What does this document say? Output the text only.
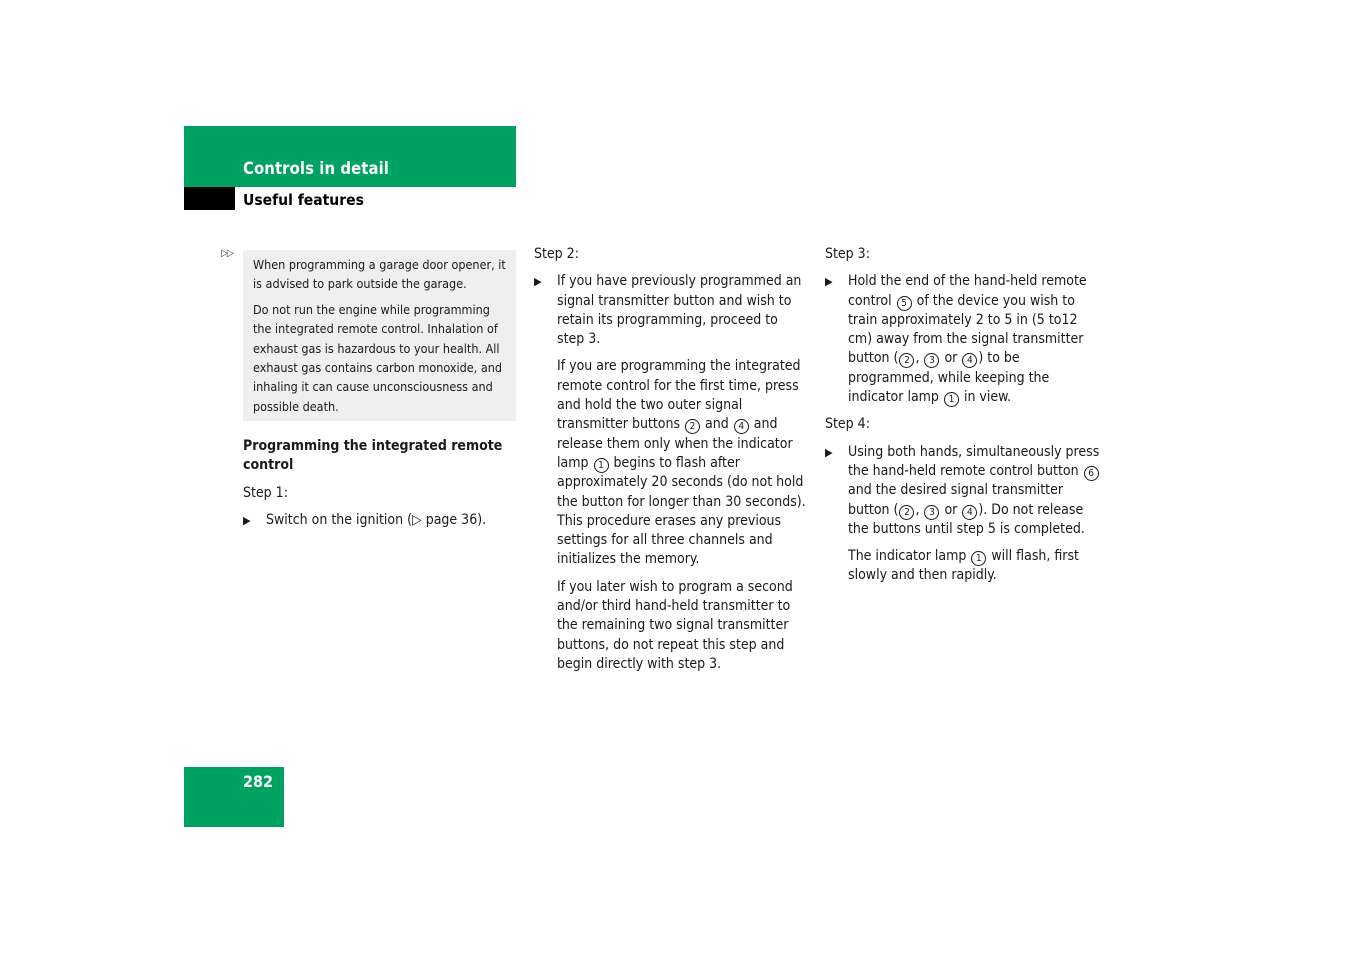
Controls in detail
Useful features
▷▷

When programming a garage door opener, it is advised to park outside the garage.

Do not run the engine while programming the integrated remote control. Inhalation of exhaust gas is hazardous to your health. All exhaust gas contains carbon monoxide, and inhaling it can cause unconsciousness and possible death.

Programming the integrated remote control

Step 1:

▶ Switch on the ignition (▷ page 36).

Step 2:

▶ If you have previously programmed an signal transmitter button and wish to retain its programming, proceed to step 3.

If you are programming the integrated remote control for the first time, press and hold the two outer signal transmitter buttons 2 and 4 and release them only when the indicator lamp 1 begins to flash after approximately 20 seconds (do not hold the button for longer than 30 seconds). This procedure erases any previous settings for all three channels and initializes the memory.

If you later wish to program a second and/or third hand-held transmitter to the remaining two signal transmitter buttons, do not repeat this step and begin directly with step 3.

Step 3:

▶ Hold the end of the hand-held remote control 5 of the device you wish to train approximately 2 to 5 in (5 to12 cm) away from the signal transmitter button ( 2 , 3 or 4 ) to be programmed, while keeping the indicator lamp 1 in view.

Step 4:

▶ Using both hands, simultaneously press the hand-held remote control button 6 and the desired signal transmitter button ( 2 , 3 or 4 ). Do not release the buttons until step 5 is completed.

The indicator lamp 1 will flash, first slowly and then rapidly.

282
